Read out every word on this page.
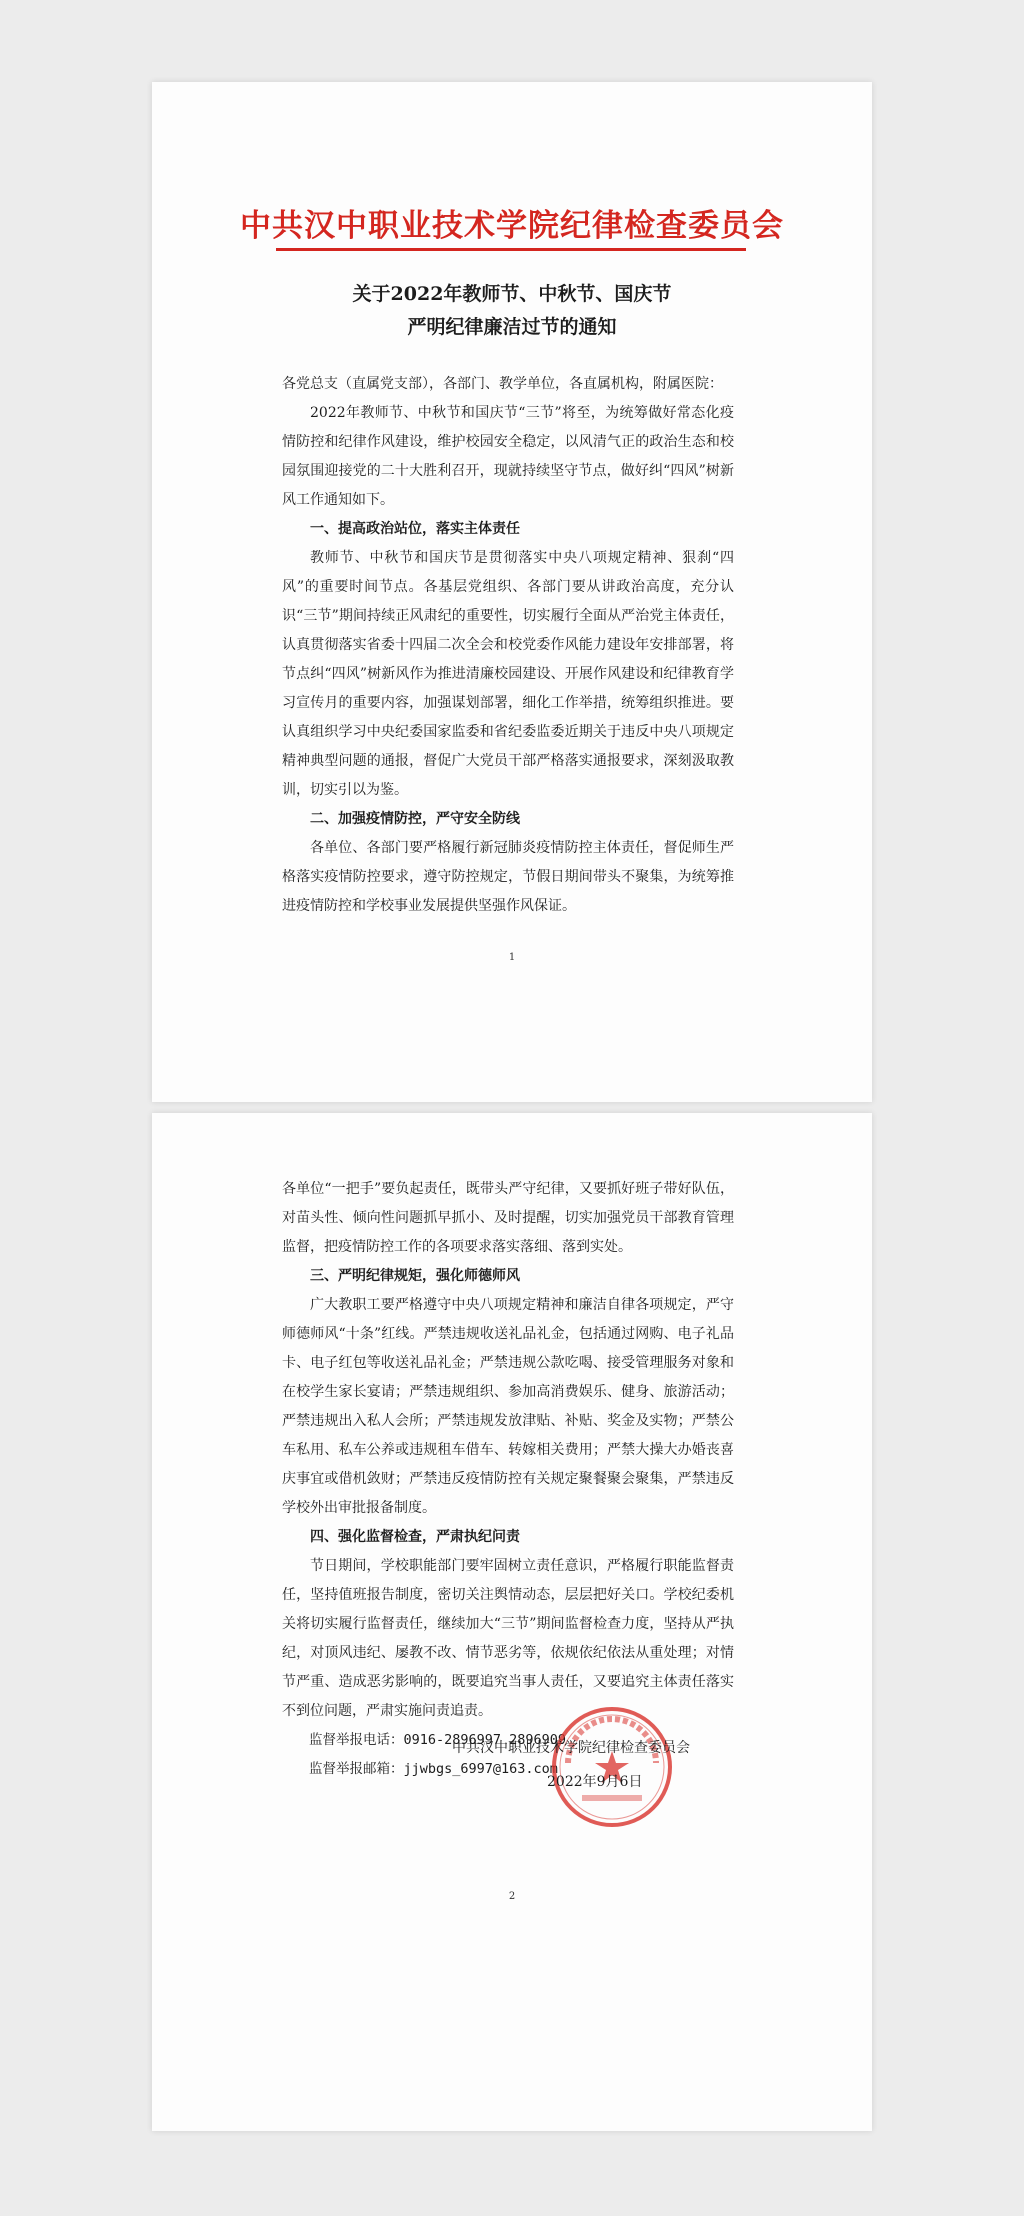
中共汉中职业技术学院纪律检查委员会
关于2022年教师节、中秋节、国庆节
严明纪律廉洁过节的通知

各党总支（直属党支部），各部门、教学单位，各直属机构，附属医院：

2022年教师节、中秋节和国庆节“三节”将至，为统筹做好常态化疫情防控和纪律作风建设，维护校园安全稳定，以风清气正的政治生态和校园氛围迎接党的二十大胜利召开，现就持续坚守节点，做好纠“四风”树新风工作通知如下。

一、提高政治站位，落实主体责任

教师节、中秋节和国庆节是贯彻落实中央八项规定精神、狠刹“四风”的重要时间节点。各基层党组织、各部门要从讲政治高度，充分认识“三节”期间持续正风肃纪的重要性，切实履行全面从严治党主体责任，认真贯彻落实省委十四届二次全会和校党委作风能力建设年安排部署，将节点纠“四风”树新风作为推进清廉校园建设、开展作风建设和纪律教育学习宣传月的重要内容，加强谋划部署，细化工作举措，统筹组织推进。要认真组织学习中央纪委国家监委和省纪委监委近期关于违反中央八项规定精神典型问题的通报，督促广大党员干部严格落实通报要求，深刻汲取教训，切实引以为鉴。

二、加强疫情防控，严守安全防线

各单位、各部门要严格履行新冠肺炎疫情防控主体责任，督促师生严格落实疫情防控要求，遵守防控规定，节假日期间带头不聚集，为统筹推进疫情防控和学校事业发展提供坚强作风保证。

1

各单位“一把手”要负起责任，既带头严守纪律，又要抓好班子带好队伍，对苗头性、倾向性问题抓早抓小、及时提醒，切实加强党员干部教育管理监督，把疫情防控工作的各项要求落实落细、落到实处。

三、严明纪律规矩，强化师德师风

广大教职工要严格遵守中央八项规定精神和廉洁自律各项规定，严守师德师风“十条”红线。严禁违规收送礼品礼金，包括通过网购、电子礼品卡、电子红包等收送礼品礼金；严禁违规公款吃喝、接受管理服务对象和在校学生家长宴请；严禁违规组织、参加高消费娱乐、健身、旅游活动；严禁违规出入私人会所；严禁违规发放津贴、补贴、奖金及实物；严禁公车私用、私车公养或违规租车借车、转嫁相关费用；严禁大操大办婚丧喜庆事宜或借机敛财；严禁违反疫情防控有关规定聚餐聚会聚集，严禁违反学校外出审批报备制度。

四、强化监督检查，严肃执纪问责

节日期间，学校职能部门要牢固树立责任意识，严格履行职能监督责任，坚持值班报告制度，密切关注舆情动态，层层把好关口。学校纪委机关将切实履行监督责任，继续加大“三节”期间监督检查力度，坚持从严执纪，对顶风违纪、屡教不改、情节恶劣等，依规依纪依法从重处理；对情节严重、造成恶劣影响的，既要追究当事人责任，又要追究主体责任落实不到位问题，严肃实施问责追责。

监督举报电话：0916-2896997 2896909

监督举报邮箱：jjwbgs_6997@163.com

中共汉中职业技术学院纪律检查委员会
2022年9月6日
2
